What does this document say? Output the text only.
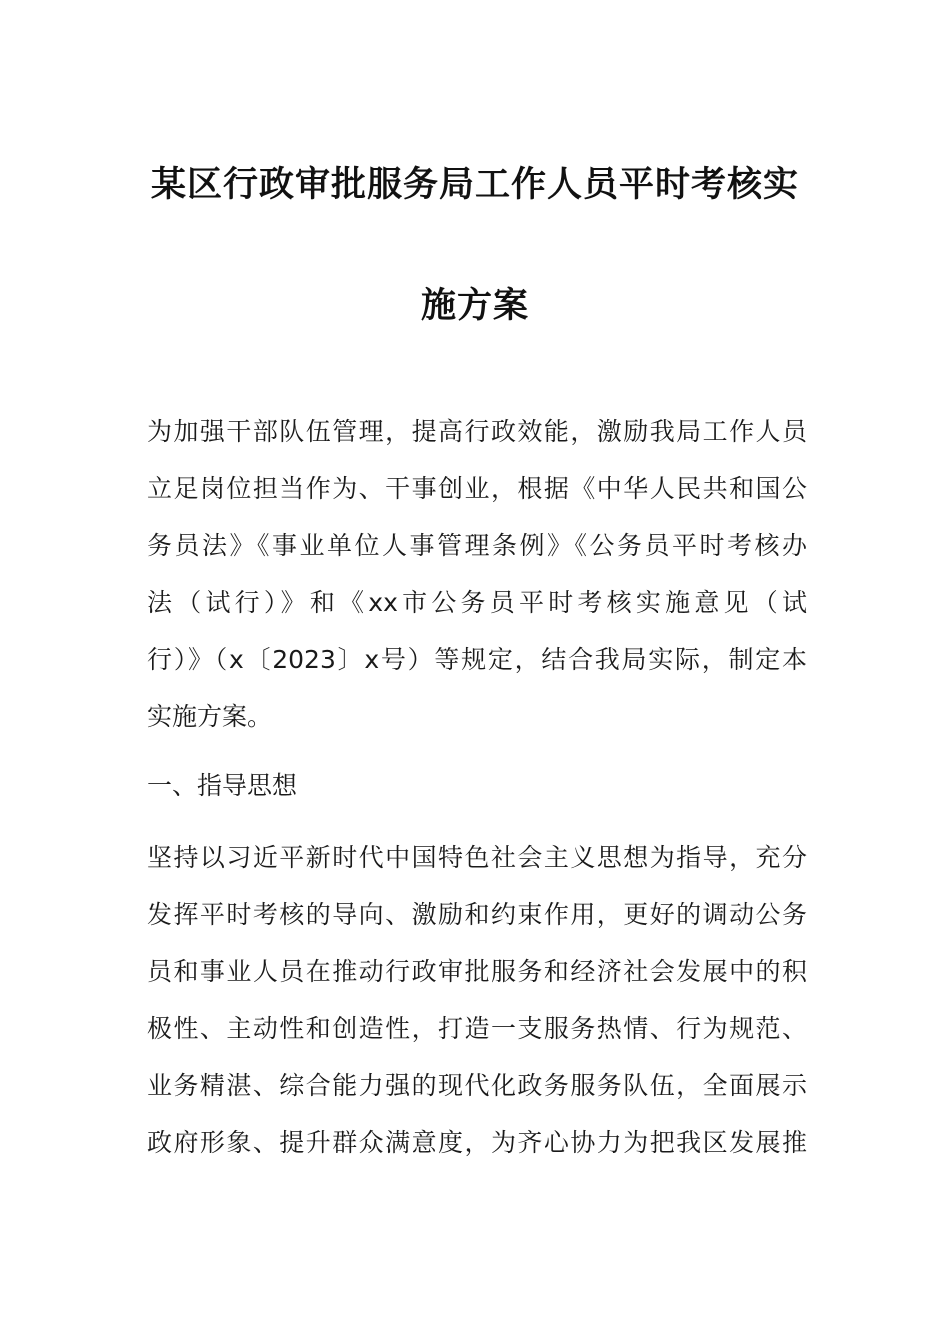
某区行政审批服务局工作人员平时考核实
施方案
为加强干部队伍管理，提高行政效能，激励我局工作人员
立足岗位担当作为、干事创业，根据《中华人民共和国公
务员法》《事业单位人事管理条例》《公务员平时考核办
法（试行）》和《xx市公务员平时考核实施意见（试
行）》（x〔2023〕x号）等规定，结合我局实际，制定本
实施方案。
一、指导思想
坚持以习近平新时代中国特色社会主义思想为指导，充分
发挥平时考核的导向、激励和约束作用，更好的调动公务
员和事业人员在推动行政审批服务和经济社会发展中的积
极性、主动性和创造性，打造一支服务热情、行为规范、
业务精湛、综合能力强的现代化政务服务队伍，全面展示
政府形象、提升群众满意度，为齐心协力为把我区发展推
